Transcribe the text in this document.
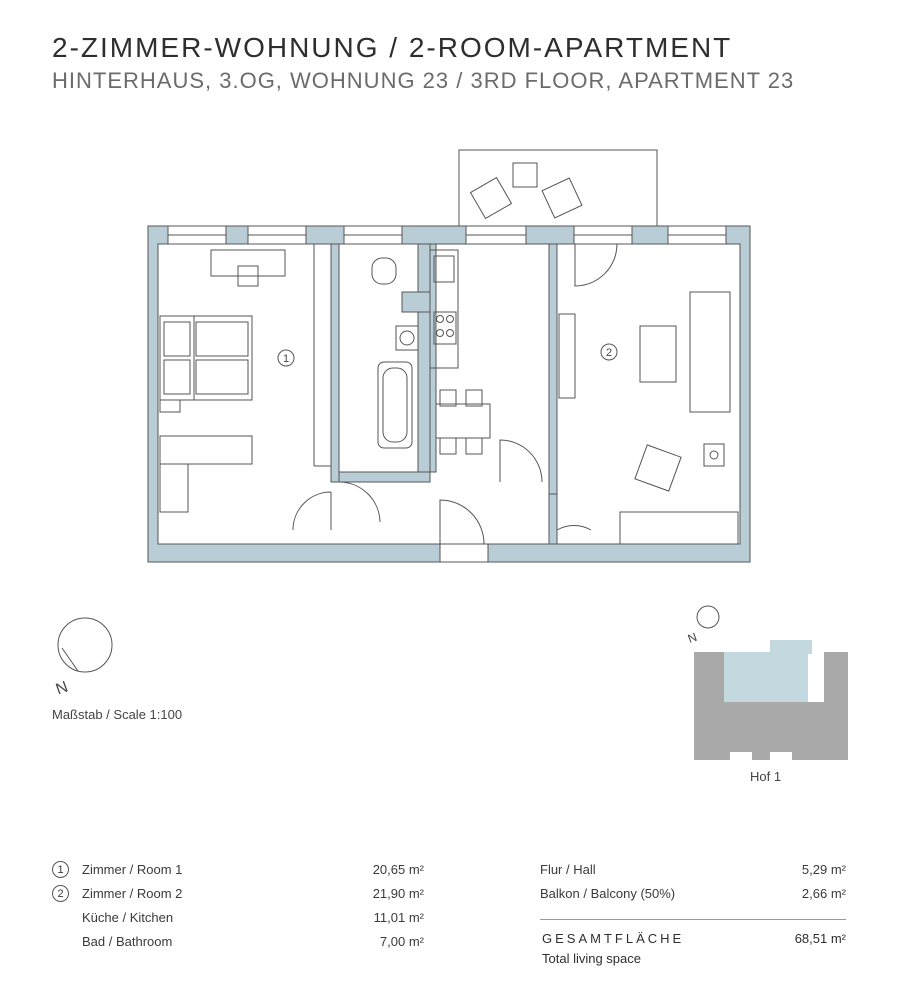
2-ZIMMER-WOHNUNG / 2-ROOM-APARTMENT
HINTERHAUS, 3.OG, WOHNUNG 23 / 3RD FLOOR, APARTMENT 23
1	2
N
N
Maßstab / Scale 1:100
Hof 1
1	Zimmer / Room 1	20,65 m²
2	Zimmer / Room 2	21,90 m²
Küche / Kitchen	11,01 m²
Bad / Bathroom	7,00 m²
Flur / Hall	5,29 m²
Balkon / Balcony (50%)	2,66 m²
GESAMTFLÄCHE
Total living space
68,51 m²
